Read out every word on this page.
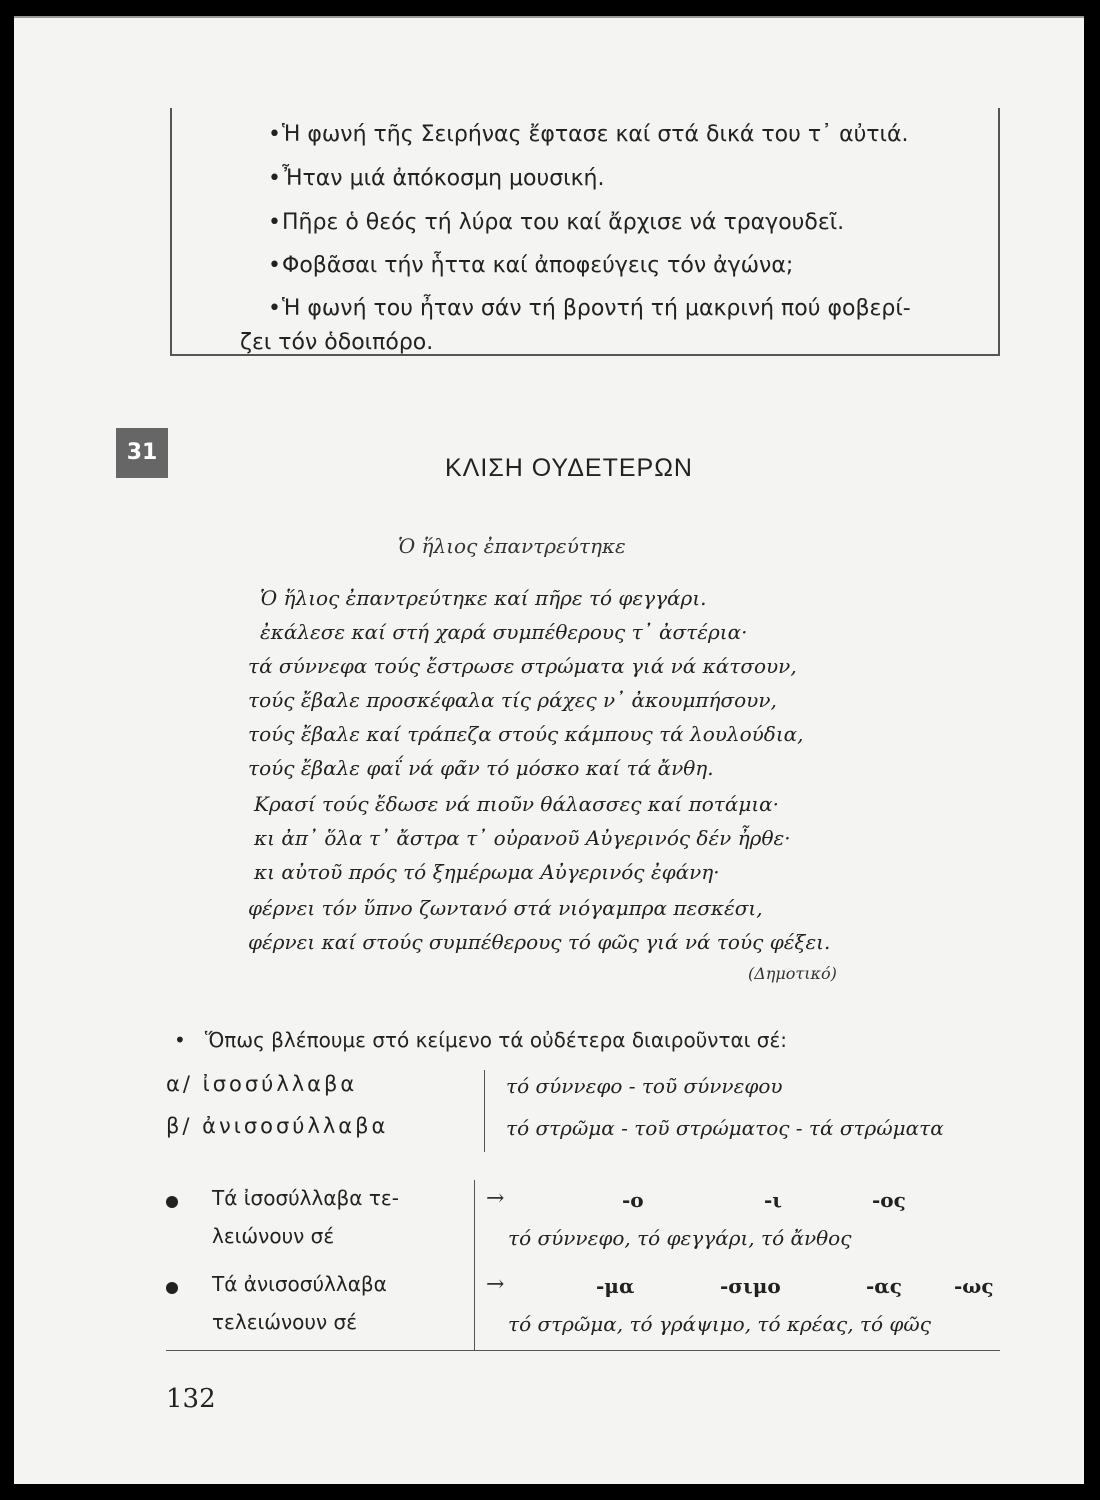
•Ἡ φωνή τῆς Σειρήνας ἔφτασε καί στά δικά του τ᾽ αὐτιά.
•Ἦταν μιά ἀπόκοσμη μουσική.
•Πῆρε ὁ θεός τή λύρα του καί ἄρχισε νά τραγουδεῖ.
•Φοβᾶσαι τήν ἧττα καί ἀποφεύγεις τόν ἀγώνα;
•Ἡ φωνή του ἦταν σάν τή βροντή τή μακρινή πού φοβερί-
ζει τόν ὁδοιπόρο.
31
ΚΛΙΣΗ ΟΥΔΕΤΕΡΩΝ
Ὁ ἥλιος ἐπαντρεύτηκε
Ὁ ἥλιος ἐπαντρεύτηκε καί πῆρε τό φεγγάρι.
ἐκάλεσε καί στή χαρά συμπέθερους τ᾽ ἀστέρια·
τά σύννεφα τούς ἔστρωσε στρώματα γιά νά κάτσουν,
τούς ἔβαλε προσκέφαλα τίς ράχες ν᾽ ἀκουμπήσουν,
τούς ἔβαλε καί τράπεζα στούς κάμπους τά λουλούδια,
τούς ἔβαλε φαΐ νά φᾶν τό μόσκο καί τά ἄνθη.
Κρασί τούς ἔδωσε νά πιοῦν θάλασσες καί ποτάμια·
κι ἀπ᾽ ὅλα τ᾽ ἄστρα τ᾽ οὐρανοῦ Αὐγερινός δέν ἦρθε·
κι αὐτοῦ πρός τό ξημέρωμα Αὐγερινός ἐφάνη·
φέρνει τόν ὕπνο ζωντανό στά νιόγαμπρα πεσκέσι,
φέρνει καί στούς συμπέθερους τό φῶς γιά νά τούς φέξει.
(Δημοτικό)
• Ὅπως βλέπουμε στό κείμενο τά οὐδέτερα διαιροῦνται σέ:
α/ ἰσοσύλλαβα	τό σύννεφο - τοῦ σύννεφου
β/ ἀνισοσύλλαβα	τό στρῶμα - τοῦ στρώματος - τά στρώματα
Τά ἰσοσύλλαβα τε-
λειώνουν σέ
→	-ο	-ι	-ος
τό σύννεφο, τό φεγγάρι, τό ἄνθος
Τά ἀνισοσύλλαβα
τελειώνουν σέ
→	-μα	-σιμο	-ας	-ως
τό στρῶμα, τό γράψιμο, τό κρέας, τό φῶς
132
